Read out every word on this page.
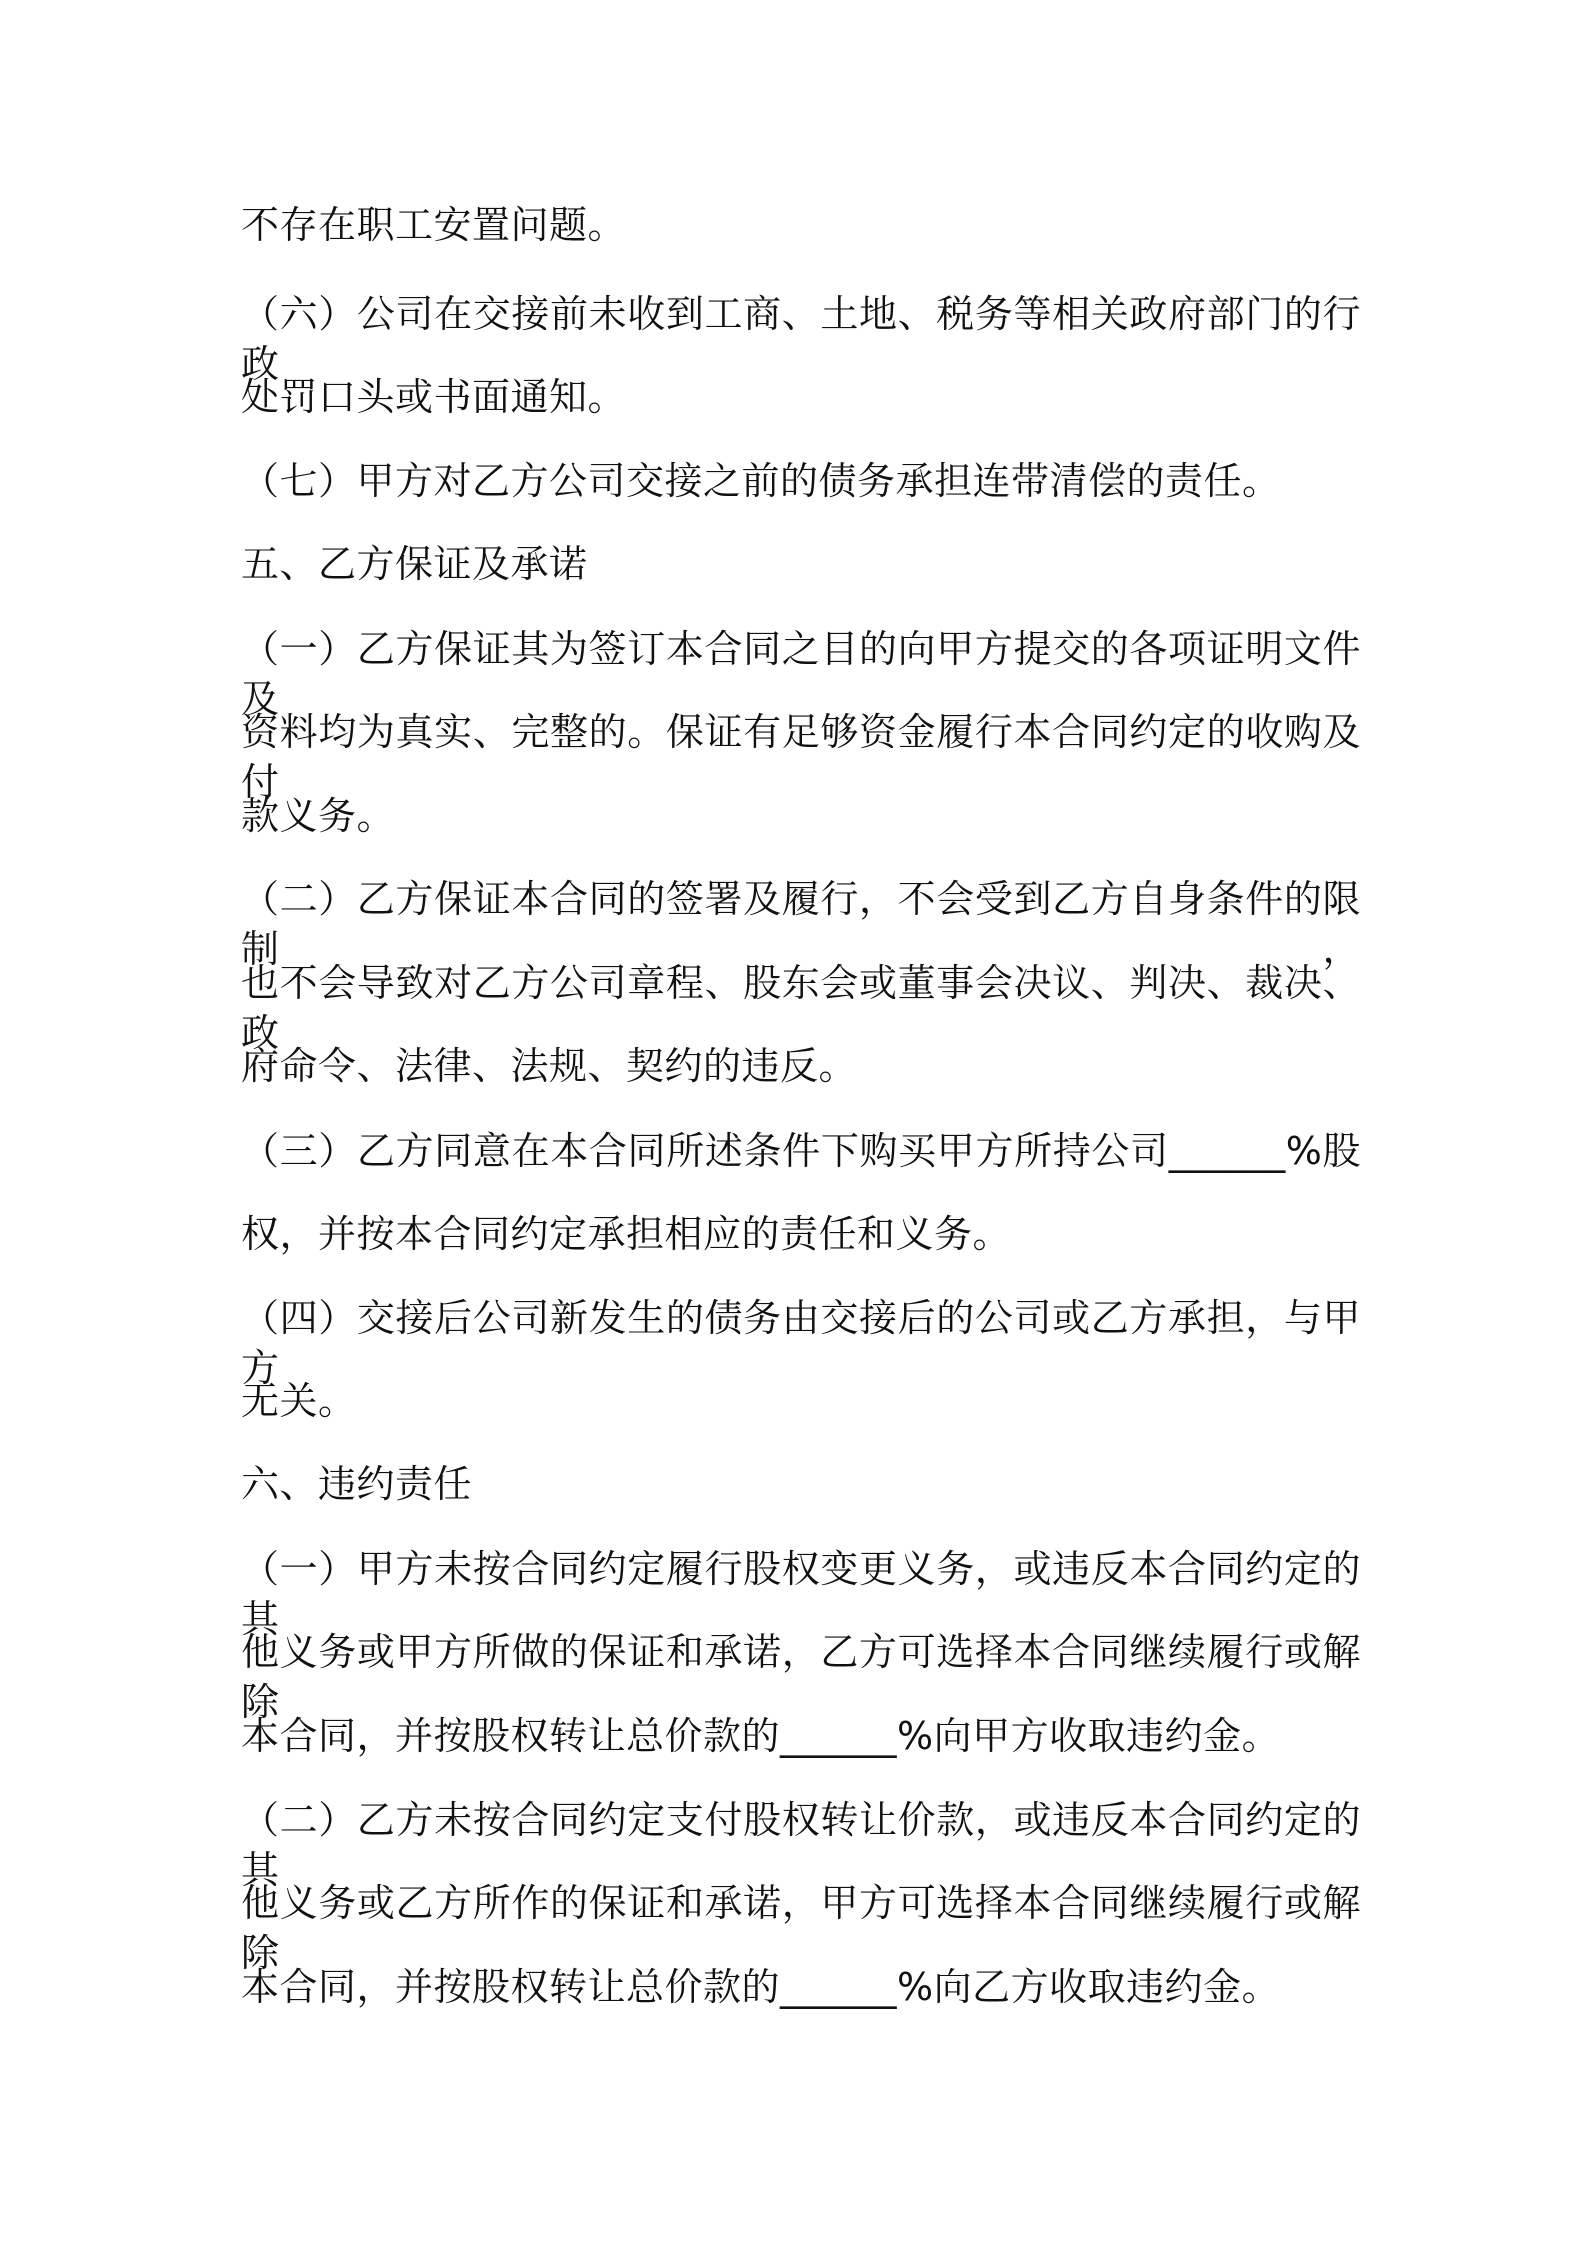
不存在职工安置问题。
（六）公司在交接前未收到工商、土地、税务等相关政府部门的行政
处罚口头或书面通知。
（七）甲方对乙方公司交接之前的债务承担连带清偿的责任。
五、乙方保证及承诺
（一）乙方保证其为签订本合同之目的向甲方提交的各项证明文件及
资料均为真实、完整的。保证有足够资金履行本合同约定的收购及付
款义务。
（二）乙方保证本合同的签署及履行，不会受到乙方自身条件的限制，
也不会导致对乙方公司章程、股东会或董事会决议、判决、裁决、政
府命令、法律、法规、契约的违反。
（三）乙方同意在本合同所述条件下购买甲方所持公司______%股
权，并按本合同约定承担相应的责任和义务。
（四）交接后公司新发生的债务由交接后的公司或乙方承担，与甲方
无关。
六、违约责任
（一）甲方未按合同约定履行股权变更义务，或违反本合同约定的其
他义务或甲方所做的保证和承诺，乙方可选择本合同继续履行或解除
本合同，并按股权转让总价款的______%向甲方收取违约金。
（二）乙方未按合同约定支付股权转让价款，或违反本合同约定的其
他义务或乙方所作的保证和承诺，甲方可选择本合同继续履行或解除
本合同，并按股权转让总价款的______%向乙方收取违约金。
